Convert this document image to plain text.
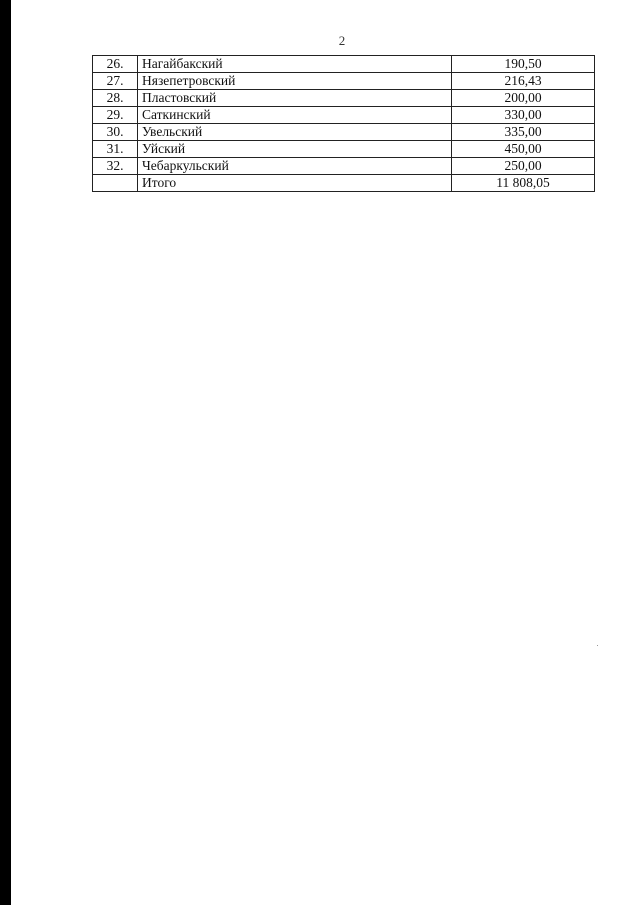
2
26.	Нагайбакский	190,50
27.	Нязепетровский	216,43
28.	Пластовский	200,00
29.	Саткинский	330,00
30.	Увельский	335,00
31.	Уйский	450,00
32.	Чебаркульский	250,00
	Итого	11 808,05
